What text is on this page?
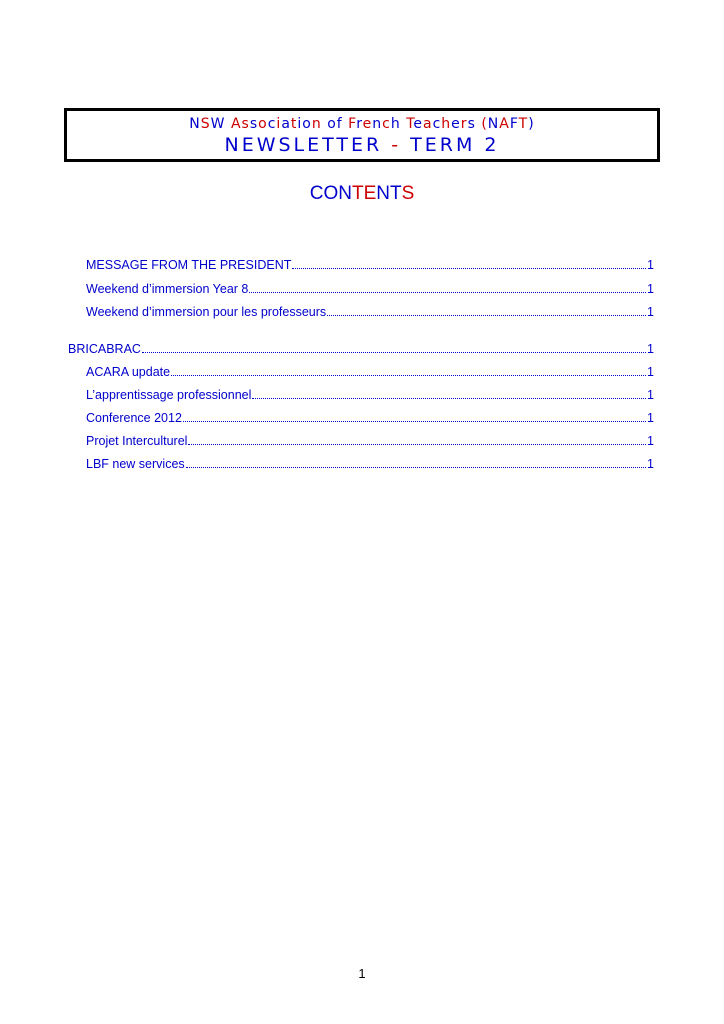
NSW Association of French Teachers (NAFT)
NEWSLETTER - TERM 2
CONTENTS
MESSAGE FROM THE PRESIDENT	1
Weekend d’immersion Year 8	1
Weekend d’immersion pour les professeurs	1
BRICABRAC	1
ACARA update	1
L’apprentissage professionnel	1
Conference 2012	1
Projet Interculturel	1
LBF new services	1
1
